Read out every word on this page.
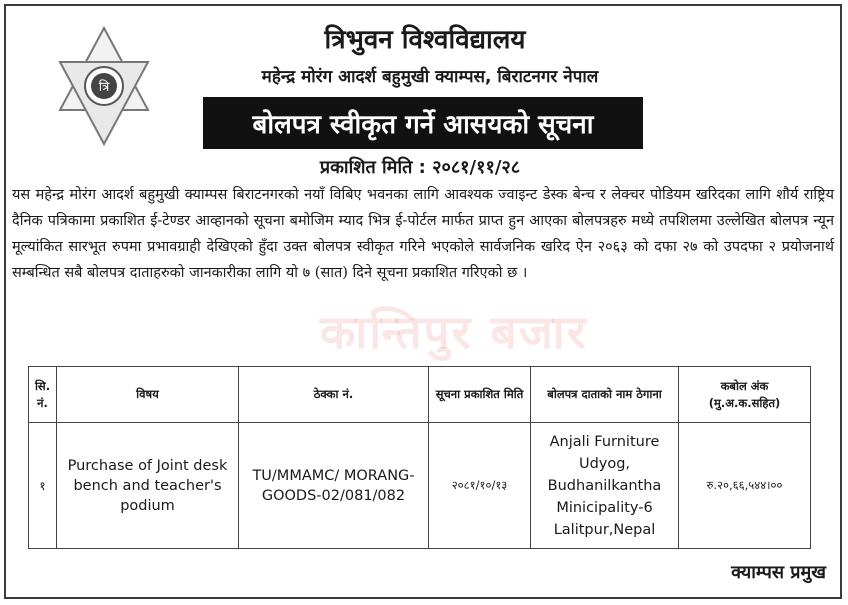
त्रि
त्रिभुवन विश्वविद्यालय
महेन्द्र मोरंग आदर्श बहुमुखी क्याम्पस, बिराटनगर नेपाल
बोलपत्र स्वीकृत गर्ने आसयको सूचना
प्रकाशित मिति : २०८१/११/२८

यस महेन्द्र मोरंग आदर्श बहुमुखी क्याम्पस बिराटनगरको नयाँ विबिए भवनका लागि आवश्यक ज्वाइन्ट डेस्क बेन्च र लेक्चर पोडियम खरिदका लागि शौर्य राष्ट्रिय दैनिक पत्रिकामा प्रकाशित ई-टेण्डर आव्हानको सूचना बमोजिम म्याद भित्र ई-पोर्टल मार्फत प्राप्त हुन आएका बोलपत्रहरु मध्ये तपशिलमा उल्लेखित बोलपत्र न्यून मूल्यांकित सारभूत रुपमा प्रभावग्राही देखिएको हुँदा उक्त बोलपत्र स्वीकृत गरिने भएकोले सार्वजनिक खरिद ऐन २०६३ को दफा २७ को उपदफा २ प्रयोजनार्थ सम्बन्धित सबै बोलपत्र दाताहरुको जानकारीका लागि यो ७ (सात) दिने सूचना प्रकाशित गरिएको छ ।

कान्तिपुर बजार
सि. नं.	विषय	ठेक्का नं.	सूचना प्रकाशित मिति	बोलपत्र दाताको नाम ठेगाना	कबोल अंक (मु.अ.क.सहित)
१	Purchase of Joint desk bench and teacher's podium	TU/MMAMC/ MORANG- GOODS-02/081/082	२०८१/१०/१३	Anjali Furniture Udyog, Budhanilkantha Minicipality-6 Lalitpur,Nepal	रु.२०,६६,५४४।००
क्याम्पस प्रमुख
